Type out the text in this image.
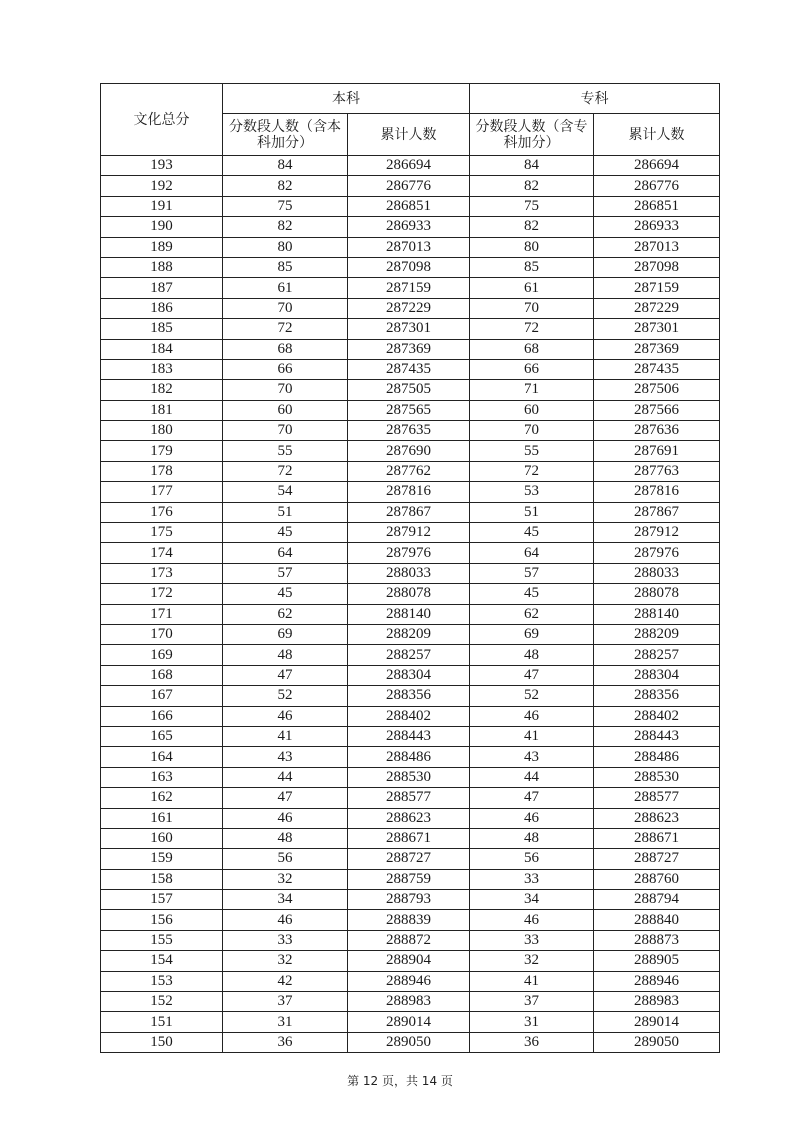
文化总分	本科		专科	
	分数段人数（含本科加分）	累计人数	分数段人数（含专科加分）	累计人数
193	84	286694	84	286694
192	82	286776	82	286776
191	75	286851	75	286851
190	82	286933	82	286933
189	80	287013	80	287013
188	85	287098	85	287098
187	61	287159	61	287159
186	70	287229	70	287229
185	72	287301	72	287301
184	68	287369	68	287369
183	66	287435	66	287435
182	70	287505	71	287506
181	60	287565	60	287566
180	70	287635	70	287636
179	55	287690	55	287691
178	72	287762	72	287763
177	54	287816	53	287816
176	51	287867	51	287867
175	45	287912	45	287912
174	64	287976	64	287976
173	57	288033	57	288033
172	45	288078	45	288078
171	62	288140	62	288140
170	69	288209	69	288209
169	48	288257	48	288257
168	47	288304	47	288304
167	52	288356	52	288356
166	46	288402	46	288402
165	41	288443	41	288443
164	43	288486	43	288486
163	44	288530	44	288530
162	47	288577	47	288577
161	46	288623	46	288623
160	48	288671	48	288671
159	56	288727	56	288727
158	32	288759	33	288760
157	34	288793	34	288794
156	46	288839	46	288840
155	33	288872	33	288873
154	32	288904	32	288905
153	42	288946	41	288946
152	37	288983	37	288983
151	31	289014	31	289014
150	36	289050	36	289050
第 12 页，共 14 页
